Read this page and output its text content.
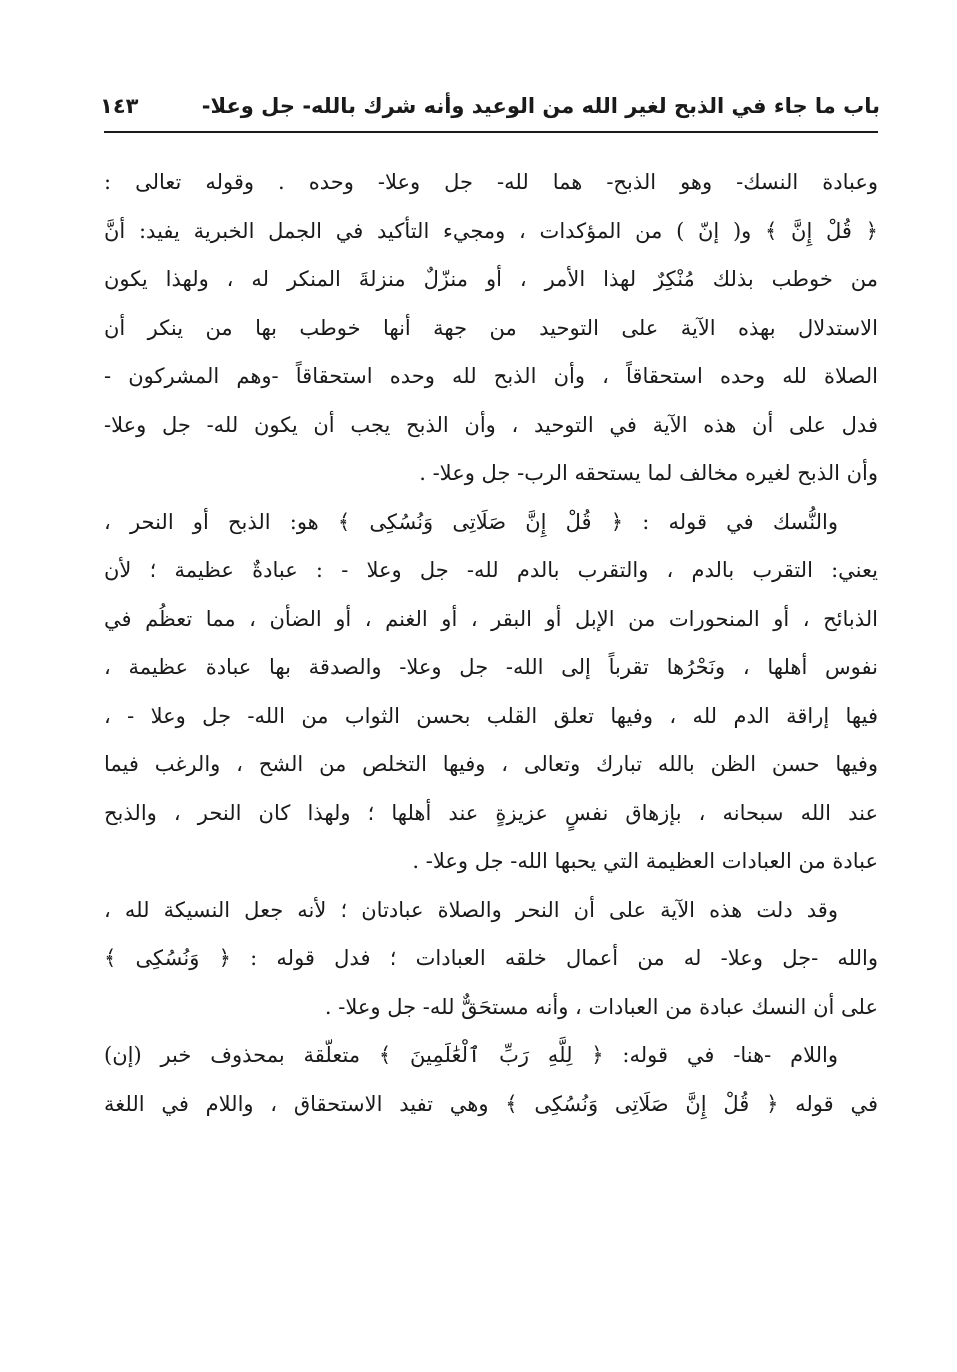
باب ما جاء في الذبح لغير الله من الوعيد وأنه شرك بالله- جل وعلا-
١٤٣
وعبادة النسك- وهو الذبح- هما لله- جل وعلا- وحده . وقوله تعالى :
﴿ قُلْ إِنَّ ﴾ و( إنّ ) من المؤكدات ، ومجيء التأكيد في الجمل الخبرية يفيد: أنَّ
من خوطب بذلك مُنْكِرٌ لهذا الأمر ، أو منزّلٌ منزلةَ المنكر له ، ولهذا يكون
الاستدلال بهذه الآية على التوحيد من جهة أنها خوطب بها من ينكر أن
الصلاة لله وحده استحقاقاً ، وأن الذبح لله وحده استحقاقاً -وهم المشركون -
فدل على أن هذه الآية في التوحيد ، وأن الذبح يجب أن يكون لله- جل وعلا-
وأن الذبح لغيره مخالف لما يستحقه الرب- جل وعلا- .
والنُّسك في قوله : ﴿ قُلْ إِنَّ صَلَاتِى وَنُسُكِى ﴾ هو: الذبح أو النحر ،
يعني: التقرب بالدم ، والتقرب بالدم لله- جل وعلا - : عبادةٌ عظيمة ؛ لأن
الذبائح ، أو المنحورات من الإبل أو البقر ، أو الغنم ، أو الضأن ، مما تعظُم في
نفوس أهلها ، ونَحْرُها تقرباً إلى الله- جل وعلا- والصدقة بها عبادة عظيمة ،
فيها إراقة الدم لله ، وفيها تعلق القلب بحسن الثواب من الله- جل وعلا - ،
وفيها حسن الظن بالله تبارك وتعالى ، وفيها التخلص من الشح ، والرغب فيما
عند الله سبحانه ، بإزهاق نفسٍ عزيزةٍ عند أهلها ؛ ولهذا كان النحر ، والذبح
عبادة من العبادات العظيمة التي يحبها الله- جل وعلا- .
وقد دلت هذه الآية على أن النحر والصلاة عبادتان ؛ لأنه جعل النسيكة لله ،
والله -جل وعلا- له من أعمال خلقه العبادات ؛ فدل قوله : ﴿ وَنُسُكِى ﴾
على أن النسك عبادة من العبادات ، وأنه مستحَقٌّ لله- جل وعلا- .
واللام -هنا- في قوله: ﴿ لِلَّهِ رَبِّ ٱلْعَٰلَمِينَ ﴾ متعلّقة بمحذوف خبر (إن)
في قوله ﴿ قُلْ إِنَّ صَلَاتِى وَنُسُكِى ﴾ وهي تفيد الاستحقاق ، واللام في اللغة
